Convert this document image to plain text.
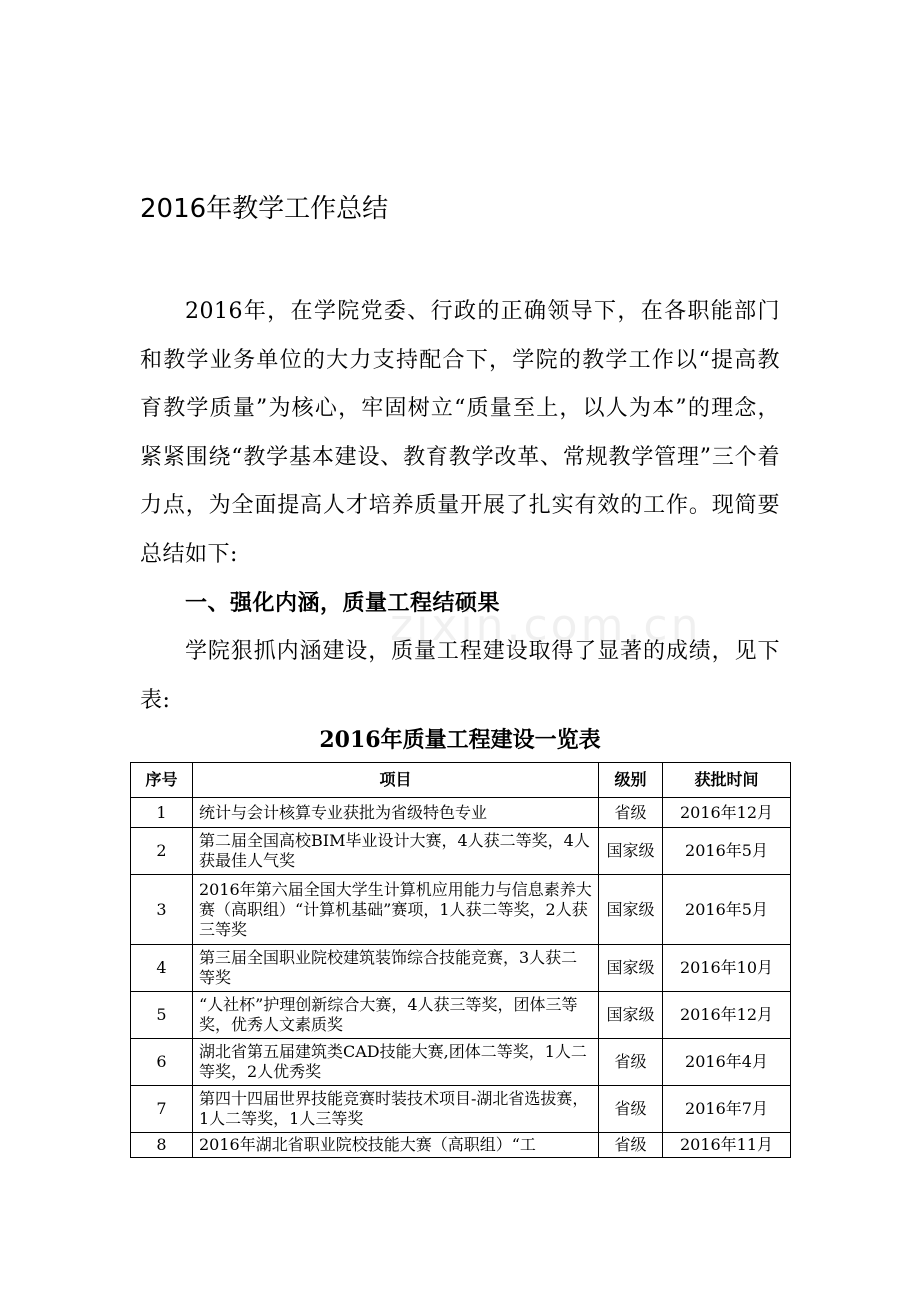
zixin.com.cn
2016年教学工作总结

2016年，在学院党委、行政的正确领导下，在各职能部门和教学业务单位的大力支持配合下，学院的教学工作以“提高教育教学质量”为核心，牢固树立“质量至上，以人为本”的理念，紧紧围绕“教学基本建设、教育教学改革、常规教学管理”三个着力点，为全面提高人才培养质量开展了扎实有效的工作。现简要总结如下:

一、强化内涵，质量工程结硕果

学院狠抓内涵建设，质量工程建设取得了显著的成绩，见下表:

2016年质量工程建设一览表
序号	项目	级别	获批时间
1	统计与会计核算专业获批为省级特色专业	省级	2016年12月
2	第二届全国高校BIM毕业设计大赛，4人获二等奖，4人获最佳人气奖	国家级	2016年5月
3	2016年第六届全国大学生计算机应用能力与信息素养大赛（高职组）“计算机基础”赛项，1人获二等奖，2人获三等奖	国家级	2016年5月
4	第三届全国职业院校建筑装饰综合技能竞赛，3人获二等奖	国家级	2016年10月
5	“人社杯”护理创新综合大赛，4人获三等奖，团体三等奖，优秀人文素质奖	国家级	2016年12月
6	湖北省第五届建筑类CAD技能大赛,团体二等奖，1人二等奖，2人优秀奖	省级	2016年4月
7	第四十四届世界技能竞赛时装技术项目-湖北省选拔赛，1人二等奖，1人三等奖	省级	2016年7月
8	2016年湖北省职业院校技能大赛（高职组）“工	省级	2016年11月
